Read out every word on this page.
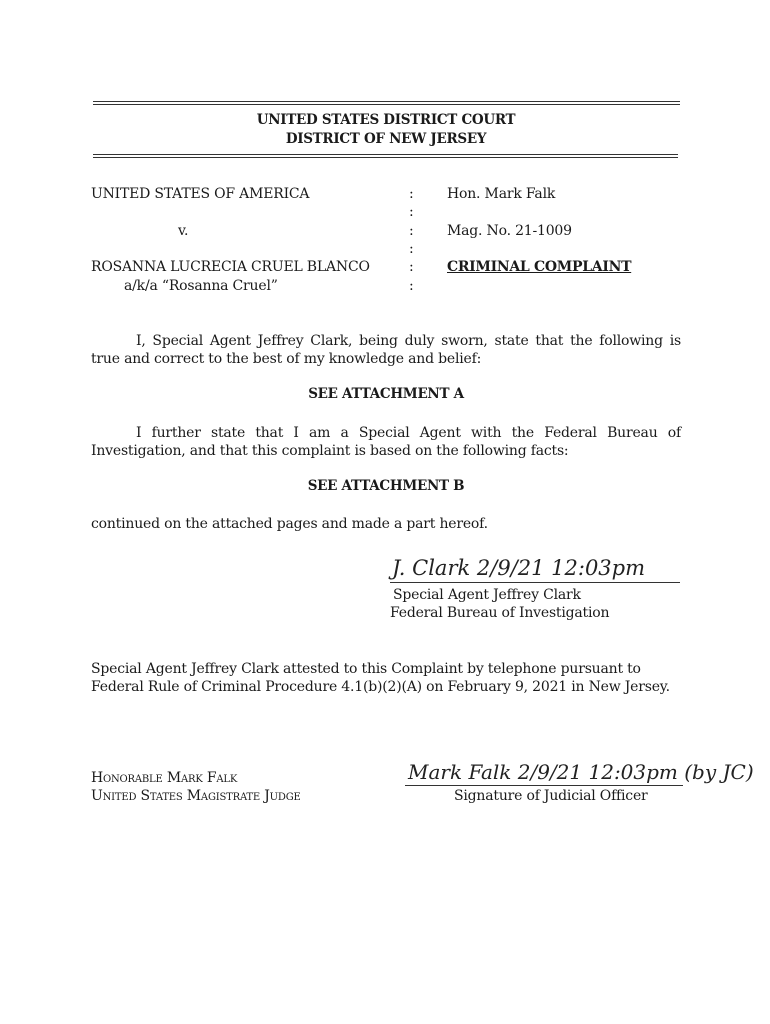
UNITED STATES DISTRICT COURT
DISTRICT OF NEW JERSEY
UNITED STATES OF AMERICA
v.
ROSANNA LUCRECIA CRUEL BLANCO
a/k/a “Rosanna Cruel”
:
:
:
:
:
:
Hon. Mark Falk
Mag. No. 21-1009
CRIMINAL COMPLAINT
I, Special Agent Jeffrey Clark, being duly sworn, state that the following is true and correct to the best of my knowledge and belief:
SEE ATTACHMENT A
I further state that I am a Special Agent with the Federal Bureau of Investigation, and that this complaint is based on the following facts:
SEE ATTACHMENT B
continued on the attached pages and made a part hereof.
J. Clark 2/9/21 12:03pm
Special Agent Jeffrey Clark
Federal Bureau of Investigation
Special Agent Jeffrey Clark attested to this Complaint by telephone pursuant to Federal Rule of Criminal Procedure 4.1(b)(2)(A) on February 9, 2021 in New Jersey.
Honorable Mark Falk
United States Magistrate Judge
Mark Falk 2/9/21 12:03pm (by JC)
Signature of Judicial Officer
